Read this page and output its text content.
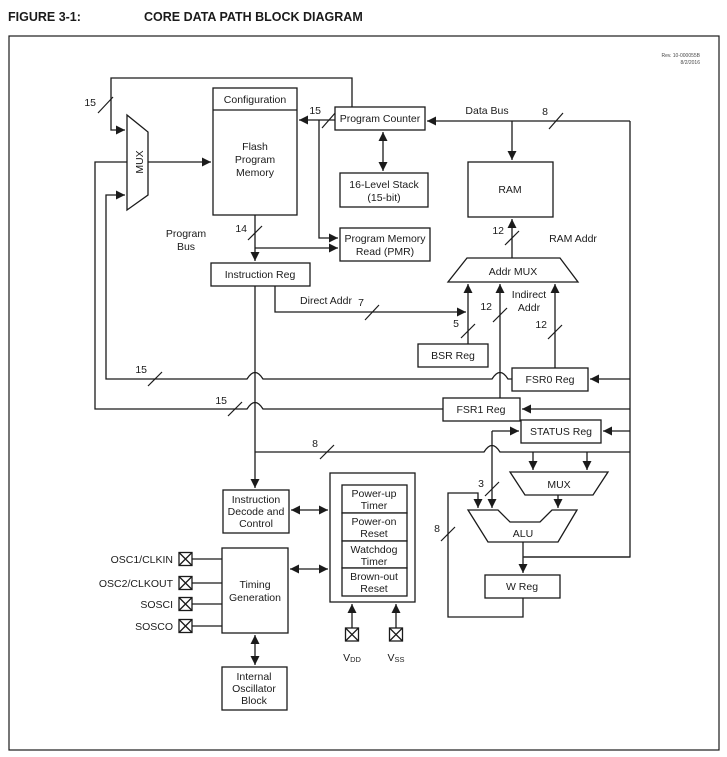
FIGURE 3-1:	CORE DATA PATH BLOCK DIAGRAM
Rev. 10-000055B
8/2/2016
15
15	8
14
7
5
12
12
12
15
15
8
3
8
Data Bus
Program
Bus
RAM Addr
Indirect
Addr
Direct Addr
Configuration
Flash
Program
Memory
MUX
Program Counter
16-Level Stack
(15-bit)
RAM
Program Memory
Read (PMR)
Instruction Reg	Addr MUX
BSR Reg
FSR0 Reg
FSR1 Reg
STATUS Reg
MUX
ALU
W Reg
Instruction
Decode and
Control
Timing
Generation
Power-up
Timer
Power-on
Reset
Watchdog
Timer
Brown-out
Reset
Internal
Oscillator
Block
OSC1/CLKIN
OSC2/CLKOUT
SOSCI
SOSCO
VDD	VSS
